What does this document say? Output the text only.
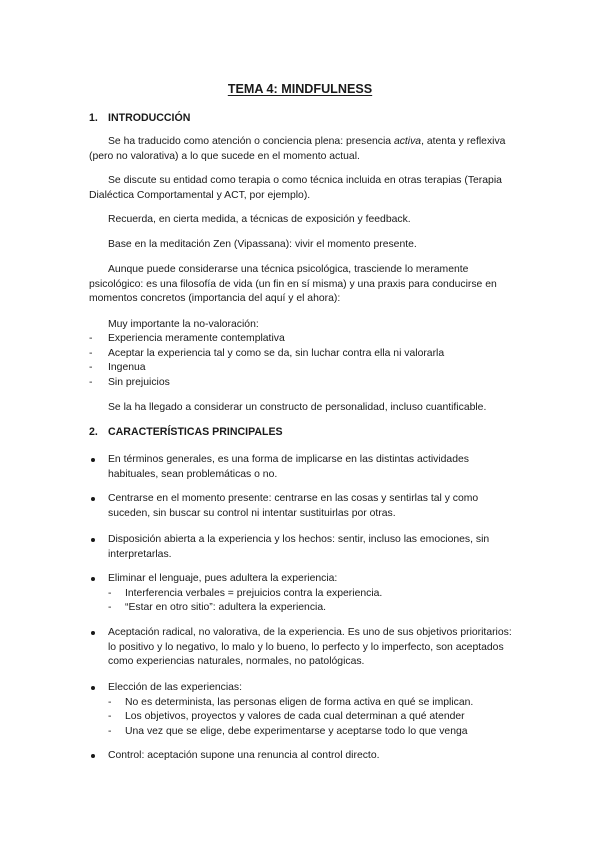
TEMA 4: MINDFULNESS
1. INTRODUCCIÓN
Se ha traducido como atención o conciencia plena: presencia activa, atenta y reflexiva (pero no valorativa) a lo que sucede en el momento actual.
Se discute su entidad como terapia o como técnica incluida en otras terapias (Terapia Dialéctica Comportamental y ACT, por ejemplo).
Recuerda, en cierta medida, a técnicas de exposición y feedback.
Base en la meditación Zen (Vipassana): vivir el momento presente.
Aunque puede considerarse una técnica psicológica, trasciende lo meramente psicológico: es una filosofía de vida (un fin en sí misma) y una praxis para conducirse en momentos concretos (importancia del aquí y el ahora):
Muy importante la no-valoración:
- Experiencia meramente contemplativa
- Aceptar la experiencia tal y como se da, sin luchar contra ella ni valorarla
- Ingenua
- Sin prejuicios
Se la ha llegado a considerar un constructo de personalidad, incluso cuantificable.
2. CARACTERÍSTICAS PRINCIPALES
En términos generales, es una forma de implicarse en las distintas actividades habituales, sean problemáticas o no.
Centrarse en el momento presente: centrarse en las cosas y sentirlas tal y como suceden, sin buscar su control ni intentar sustituirlas por otras.
Disposición abierta a la experiencia y los hechos: sentir, incluso las emociones, sin interpretarlas.
Eliminar el lenguaje, pues adultera la experiencia:
- Interferencia verbales = prejuicios contra la experiencia.
- “Estar en otro sitio”: adultera la experiencia.
Aceptación radical, no valorativa, de la experiencia. Es uno de sus objetivos prioritarios: lo positivo y lo negativo, lo malo y lo bueno, lo perfecto y lo imperfecto, son aceptados como experiencias naturales, normales, no patológicas.
Elección de las experiencias:
- No es determinista, las personas eligen de forma activa en qué se implican.
- Los objetivos, proyectos y valores de cada cual determinan a qué atender
- Una vez que se elige, debe experimentarse y aceptarse todo lo que venga
Control: aceptación supone una renuncia al control directo.
